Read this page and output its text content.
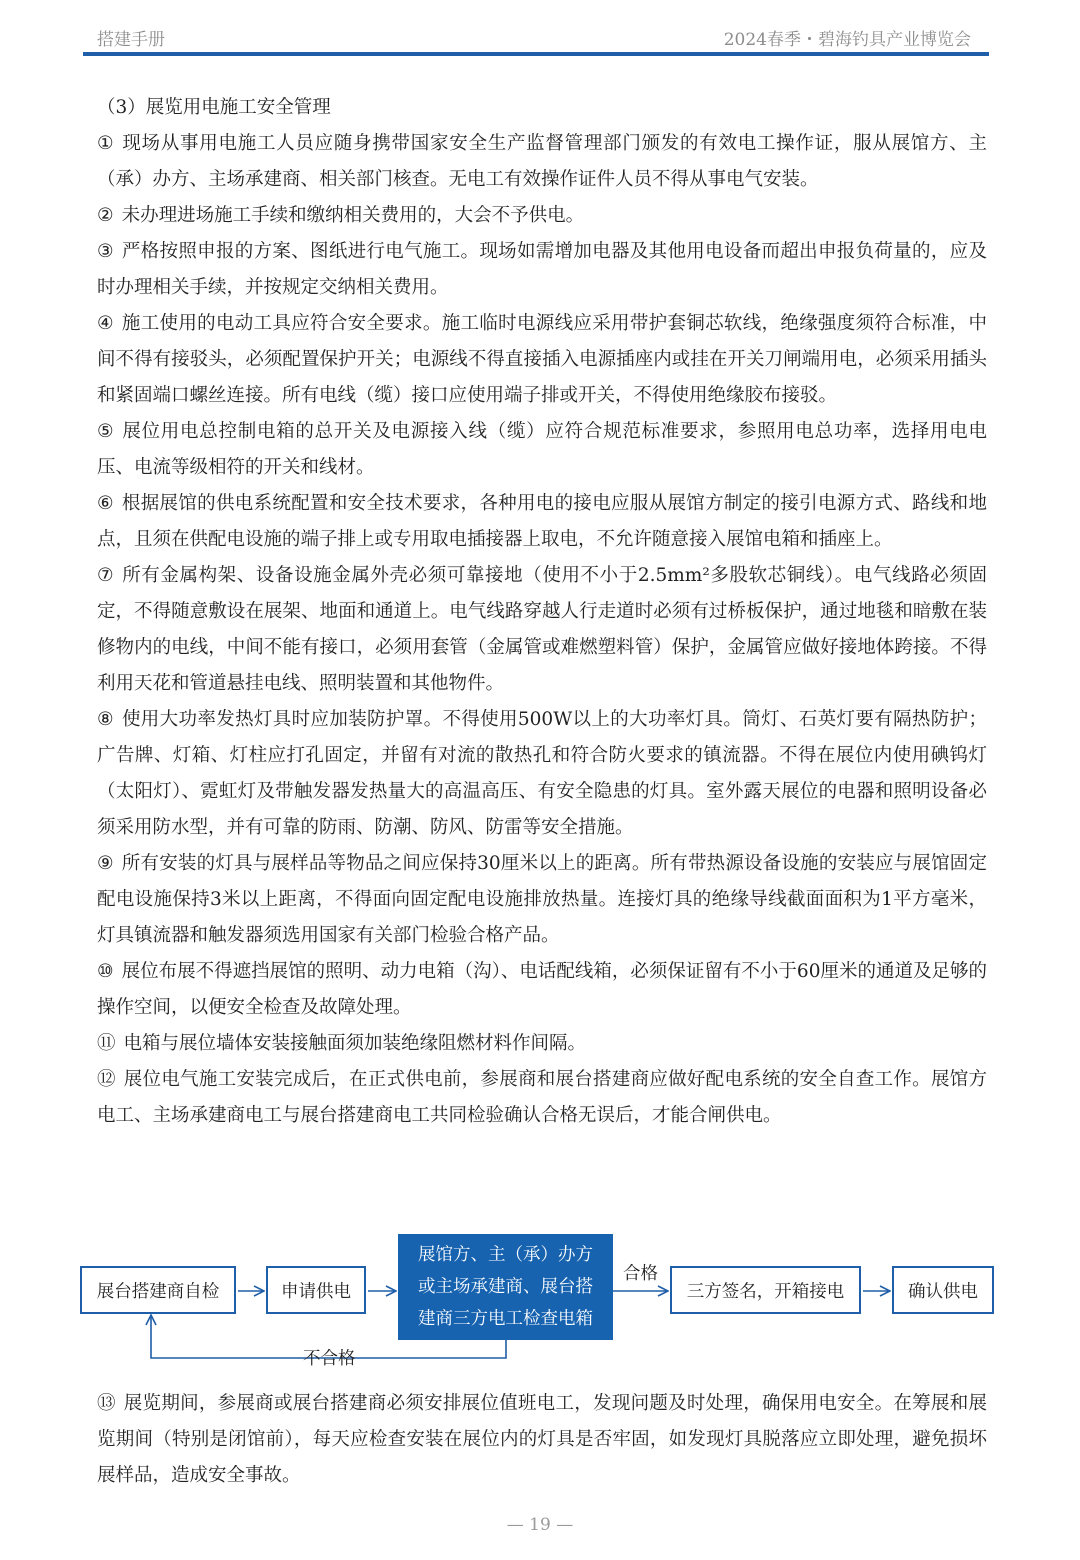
搭建手册	2024春季・碧海钓具产业博览会

（3）展览用电施工安全管理

① 现场从事用电施工人员应随身携带国家安全生产监督管理部门颁发的有效电工操作证，服从展馆方、主（承）办方、主场承建商、相关部门核查。无电工有效操作证件人员不得从事电气安装。

② 未办理进场施工手续和缴纳相关费用的，大会不予供电。

③ 严格按照申报的方案、图纸进行电气施工。现场如需增加电器及其他用电设备而超出申报负荷量的，应及时办理相关手续，并按规定交纳相关费用。

④ 施工使用的电动工具应符合安全要求。施工临时电源线应采用带护套铜芯软线，绝缘强度须符合标准，中间不得有接驳头，必须配置保护开关；电源线不得直接插入电源插座内或挂在开关刀闸端用电，必须采用插头和紧固端口螺丝连接。所有电线（缆）接口应使用端子排或开关，不得使用绝缘胶布接驳。

⑤ 展位用电总控制电箱的总开关及电源接入线（缆）应符合规范标准要求，参照用电总功率，选择用电电压、电流等级相符的开关和线材。

⑥ 根据展馆的供电系统配置和安全技术要求，各种用电的接电应服从展馆方制定的接引电源方式、路线和地点，且须在供配电设施的端子排上或专用取电插接器上取电，不允许随意接入展馆电箱和插座上。

⑦ 所有金属构架、设备设施金属外壳必须可靠接地（使用不小于2.5mm²多股软芯铜线）。电气线路必须固定，不得随意敷设在展架、地面和通道上。电气线路穿越人行走道时必须有过桥板保护，通过地毯和暗敷在装修物内的电线，中间不能有接口，必须用套管（金属管或难燃塑料管）保护，金属管应做好接地体跨接。不得利用天花和管道悬挂电线、照明装置和其他物件。

⑧ 使用大功率发热灯具时应加装防护罩。不得使用500W以上的大功率灯具。筒灯、石英灯要有隔热防护；广告牌、灯箱、灯柱应打孔固定，并留有对流的散热孔和符合防火要求的镇流器。不得在展位内使用碘钨灯（太阳灯）、霓虹灯及带触发器发热量大的高温高压、有安全隐患的灯具。室外露天展位的电器和照明设备必须采用防水型，并有可靠的防雨、防潮、防风、防雷等安全措施。

⑨ 所有安装的灯具与展样品等物品之间应保持30厘米以上的距离。所有带热源设备设施的安装应与展馆固定配电设施保持3米以上距离，不得面向固定配电设施排放热量。连接灯具的绝缘导线截面面积为1平方毫米，灯具镇流器和触发器须选用国家有关部门检验合格产品。

⑩ 展位布展不得遮挡展馆的照明、动力电箱（沟）、电话配线箱，必须保证留有不小于60厘米的通道及足够的操作空间，以便安全检查及故障处理。

⑪ 电箱与展位墙体安装接触面须加装绝缘阻燃材料作间隔。

⑫ 展位电气施工安装完成后，在正式供电前，参展商和展台搭建商应做好配电系统的安全自查工作。展馆方电工、主场承建商电工与展台搭建商电工共同检验确认合格无误后，才能合闸供电。

展台搭建商自检	申请供电
展馆方、主（承）办方
或主场承建商、展台搭
建商三方电工检查电箱
合格
三方签名，开箱接电	确认供电
不合格

⑬ 展览期间，参展商或展台搭建商必须安排展位值班电工，发现问题及时处理，确保用电安全。在筹展和展览期间（特别是闭馆前），每天应检查安装在展位内的灯具是否牢固，如发现灯具脱落应立即处理，避免损坏展样品，造成安全事故。

— 19 —
